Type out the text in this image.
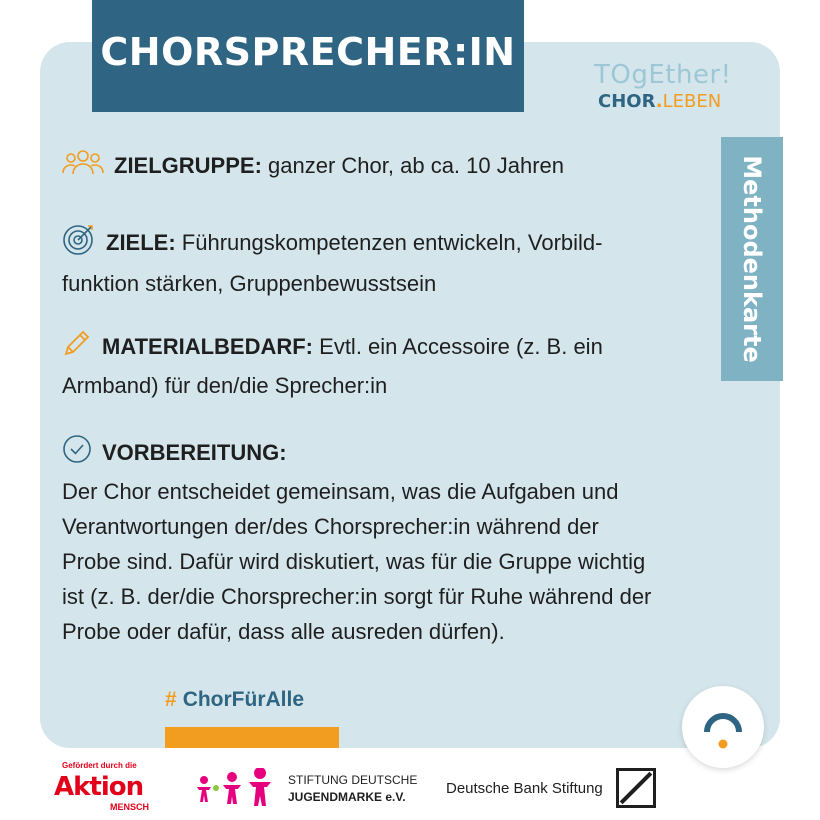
CHORSPRECHER:IN
TOgEther!
CHOR.LEBEN
Methodenkarte
ZIELGRUPPE: ganzer Chor, ab ca. 10 Jahren
ZIELE: Führungskompetenzen entwickeln, Vorbild-
funktion stärken, Gruppenbewusstsein
MATERIALBEDARF: Evtl. ein Accessoire (z. B. ein
Armband) für den/die Sprecher:in
VORBEREITUNG:
Der Chor entscheidet gemeinsam, was die Aufgaben und
Verantwortungen der/des Chorsprecher:in während der
Probe sind. Dafür wird diskutiert, was für die Gruppe wichtig
ist (z. B. der/die Chorsprecher:in sorgt für Ruhe während der
Probe oder dafür, dass alle ausreden dürfen).
# ChorFürAlle
Gefördert durch die
Aktion
MENSCH
STIFTUNG DEUTSCHE
JUGENDMARKE e.V.	Deutsche Bank Stiftung
